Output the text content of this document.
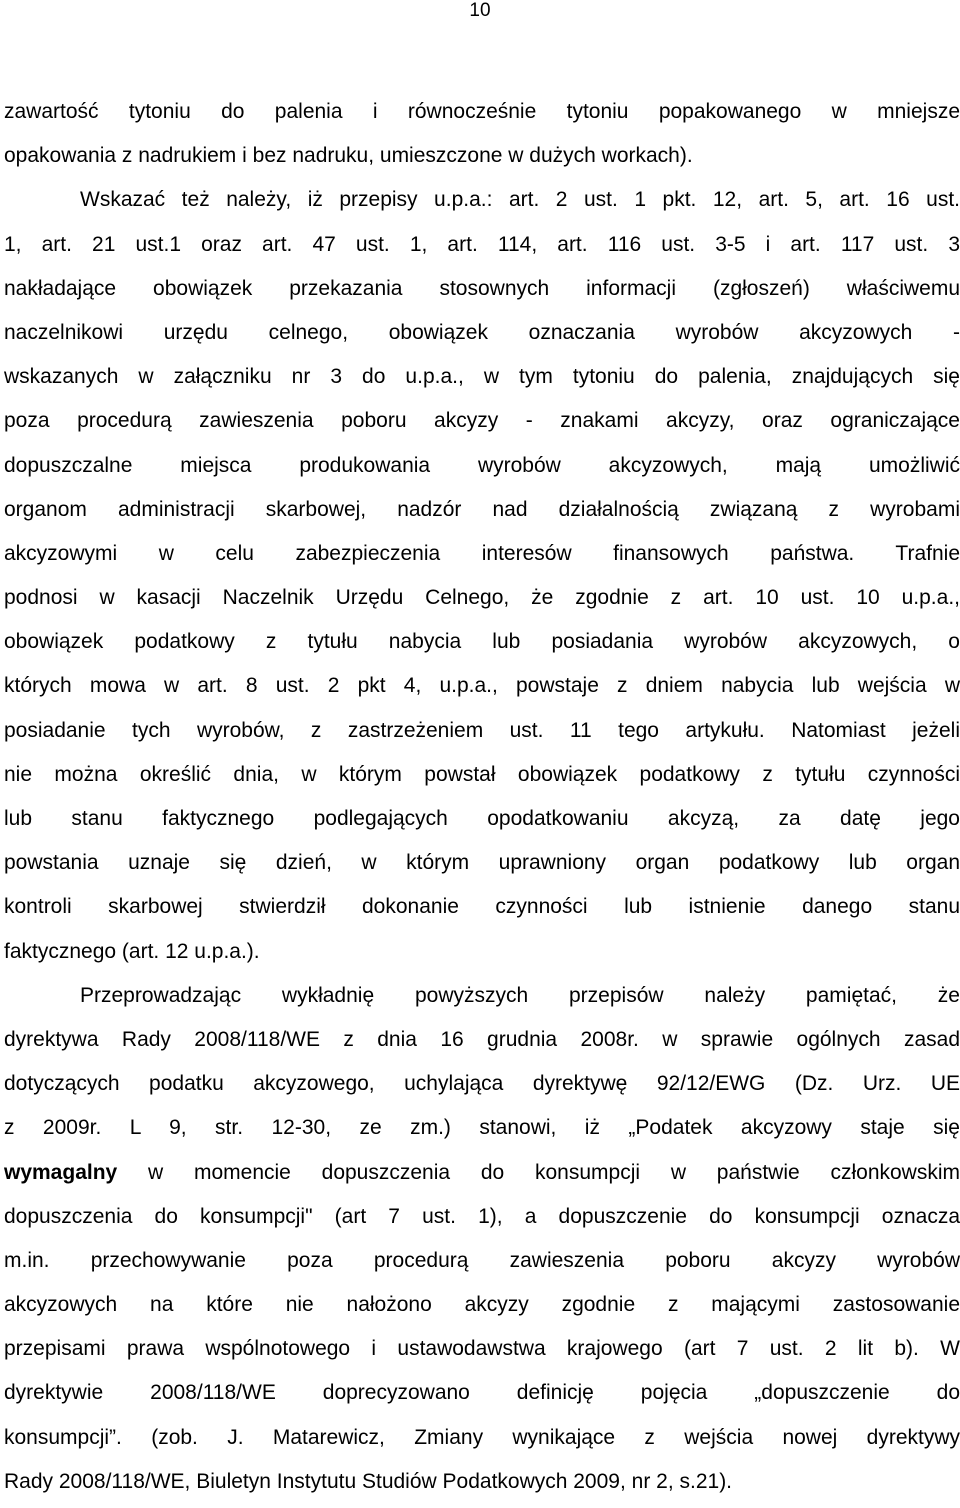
10
zawartość tytoniu do palenia i równocześnie tytoniu popakowanego w mniejsze
opakowania z nadrukiem i bez nadruku, umieszczone w dużych workach).
Wskazać też należy, iż przepisy u.p.a.: art. 2 ust. 1 pkt. 12, art. 5, art. 16 ust.
1, art. 21 ust.1 oraz art. 47 ust. 1, art. 114, art. 116 ust. 3-5 i art. 117 ust. 3
nakładające obowiązek przekazania stosownych informacji (zgłoszeń) właściwemu
naczelnikowi urzędu celnego, obowiązek oznaczania wyrobów akcyzowych -
wskazanych w załączniku nr 3 do u.p.a., w tym tytoniu do palenia, znajdujących się
poza procedurą zawieszenia poboru akcyzy - znakami akcyzy, oraz ograniczające
dopuszczalne miejsca produkowania wyrobów akcyzowych, mają umożliwić
organom administracji skarbowej, nadzór nad działalnością związaną z wyrobami
akcyzowymi w celu zabezpieczenia interesów finansowych państwa. Trafnie
podnosi w kasacji Naczelnik Urzędu Celnego, że zgodnie z art. 10 ust. 10 u.p.a.,
obowiązek podatkowy z tytułu nabycia lub posiadania wyrobów akcyzowych, o
których mowa w art. 8 ust. 2 pkt 4, u.p.a., powstaje z dniem nabycia lub wejścia w
posiadanie tych wyrobów, z zastrzeżeniem ust. 11 tego artykułu. Natomiast jeżeli
nie można określić dnia, w którym powstał obowiązek podatkowy z tytułu czynności
lub stanu faktycznego podlegających opodatkowaniu akcyzą, za datę jego
powstania uznaje się dzień, w którym uprawniony organ podatkowy lub organ
kontroli skarbowej stwierdził dokonanie czynności lub istnienie danego stanu
faktycznego (art. 12 u.p.a.).
Przeprowadzając wykładnię powyższych przepisów należy pamiętać, że
dyrektywa Rady 2008/118/WE z dnia 16 grudnia 2008r. w sprawie ogólnych zasad
dotyczących podatku akcyzowego, uchylająca dyrektywę 92/12/EWG (Dz. Urz. UE
z 2009r. L 9, str. 12-30, ze zm.) stanowi, iż „Podatek akcyzowy staje się
wymagalny w momencie dopuszczenia do konsumpcji w państwie członkowskim
dopuszczenia do konsumpcji" (art 7 ust. 1), a dopuszczenie do konsumpcji oznacza
m.in. przechowywanie poza procedurą zawieszenia poboru akcyzy wyrobów
akcyzowych na które nie nałożono akcyzy zgodnie z mającymi zastosowanie
przepisami prawa wspólnotowego i ustawodawstwa krajowego (art 7 ust. 2 lit b). W
dyrektywie 2008/118/WE doprecyzowano definicję pojęcia „dopuszczenie do
konsumpcji”. (zob. J. Matarewicz, Zmiany wynikające z wejścia nowej dyrektywy
Rady 2008/118/WE, Biuletyn Instytutu Studiów Podatkowych 2009, nr 2, s.21).
